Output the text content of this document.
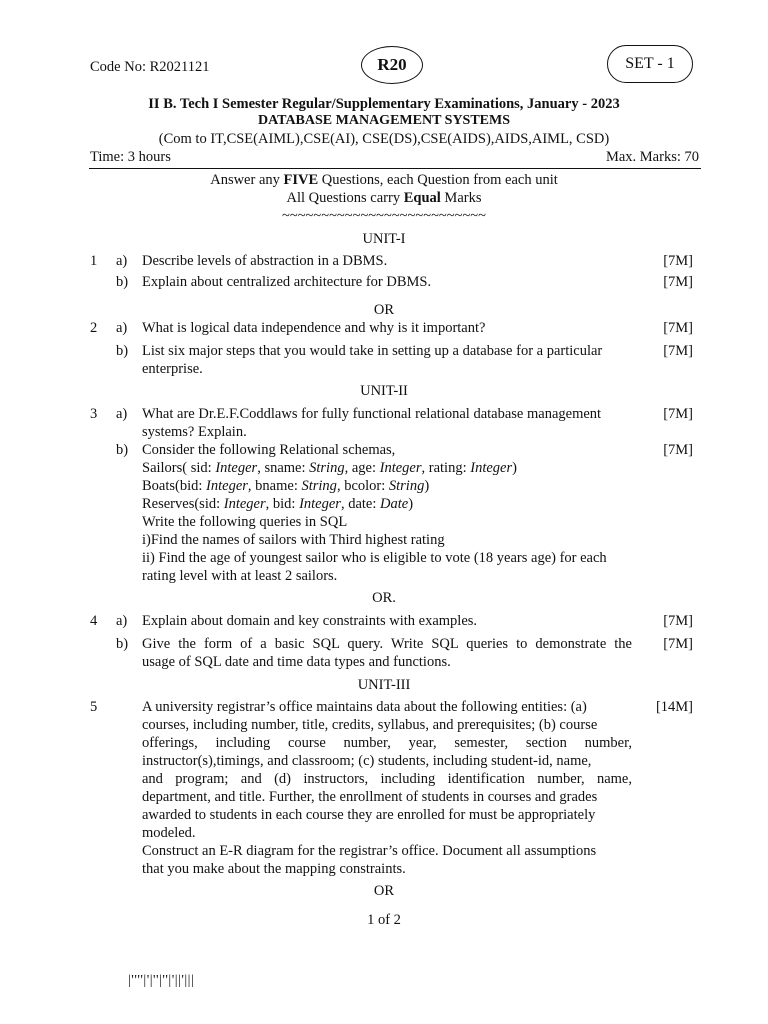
Code No: R2021121	R20	SET - 1
II B. Tech I Semester Regular/Supplementary Examinations, January - 2023
DATABASE MANAGEMENT SYSTEMS
(Com to IT,CSE(AIML),CSE(AI), CSE(DS),CSE(AIDS),AIDS,AIML, CSD)
Time: 3 hours	Max. Marks: 70
Answer any FIVE Questions, each Question from each unit
All Questions carry Equal Marks
~~~~~~~~~~~~~~~~~~~~~~~~~~
UNIT-I
1 a) Describe levels of abstraction in a DBMS.	[7M]
b) Explain about centralized architecture for DBMS.	[7M]
OR
2 a) What is logical data independence and why is it important?	[7M]
b) List six major steps that you would take in setting up a database for a particular
enterprise.
[7M]
UNIT-II
3 a) What are Dr.E.F.Coddlaws for fully functional relational database management
systems? Explain.
[7M]
b) Consider the following Relational schemas,
Sailors( sid: Integer, sname: String, age: Integer, rating: Integer)
Boats(bid: Integer, bname: String, bcolor: String)
Reserves(sid: Integer, bid: Integer, date: Date)
Write the following queries in SQL
i)Find the names of sailors with Third highest rating
ii) Find the age of youngest sailor who is eligible to vote (18 years age) for each
rating level with at least 2 sailors.
[7M]
OR.
4 a) Explain about domain and key constraints with examples.	[7M]
b) Give the form of a basic SQL query. Write SQL queries to demonstrate the
usage of SQL date and time data types and functions.
[7M]
UNIT-III
5	A university registrar’s office maintains data about the following entities: (a)
courses, including number, title, credits, syllabus, and prerequisites; (b) course
offerings, including course number, year, semester, section number,
instructor(s),timings, and classroom; (c) students, including student-id, name,
and program; and (d) instructors, including identification number, name,
department, and title. Further, the enrollment of students in courses and grades
awarded to students in each course they are enrolled for must be appropriately
modeled.
Construct an E-R diagram for the registrar’s office. Document all assumptions
that you make about the mapping constraints.
[14M]
OR
1 of 2
|''''|'|''|''|'||'|||
